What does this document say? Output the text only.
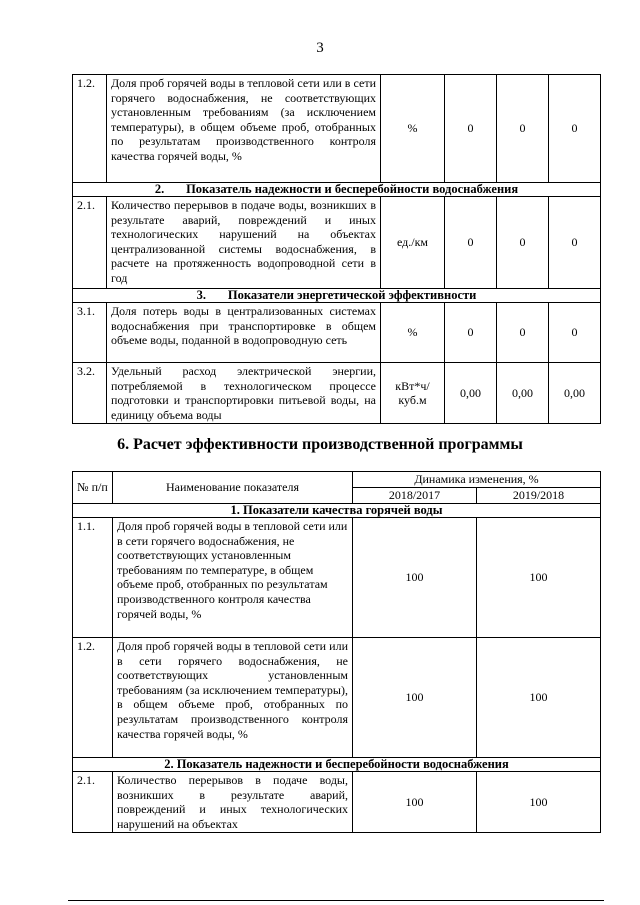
3
1.2.	Доля проб горячей воды в тепловой сети или в сети горячего водоснабжения, не соответствующих установленным требованиям (за исключением температуры), в общем объеме проб, отобранных по результатам производственного контроля качества горячей воды, %	%	0	0	0
2.       Показатель надежности и бесперебойности водоснабжения					
2.1.	Количество перерывов в подаче воды, возникших в результате аварий, повреждений и иных технологических нарушений на объектах централизованной системы водоснабжения, в расчете на протяженность водопроводной сети в год	ед./км	0	0	0
3.       Показатели энергетической эффективности					
3.1.	Доля потерь воды в централизованных системах водоснабжения при транспортировке в общем объеме воды, поданной в водопроводную сеть	%	0	0	0
3.2.	Удельный расход электрической энергии, потребляемой в технологическом процессе подготовки и транспортировки питьевой воды, на единицу объема воды	кВт*ч/ куб.м	0,00	0,00	0,00
6. Расчет эффективности производственной программы
№ п/п	Наименование показателя	Динамика изменения, %	
		2018/2017	2019/2018
1. Показатели качества горячей воды			
1.1.	Доля проб горячей воды в тепловой сети или в сети горячего водоснабжения, не соответствующих установленным требованиям по температуре, в общем объеме проб, отобранных по результатам производственного контроля качества горячей воды, %	100	100
1.2.	Доля проб горячей воды в тепловой сети или в сети горячего водоснабжения, не соответствующих установленным требованиям (за исключением температуры), в общем объеме проб, отобранных по результатам производственного контроля качества горячей воды, %	100	100
2. Показатель надежности и бесперебойности водоснабжения			
2.1.	Количество перерывов в подаче воды, возникших в результате аварий, повреждений и иных технологических нарушений на объектах	100	100
